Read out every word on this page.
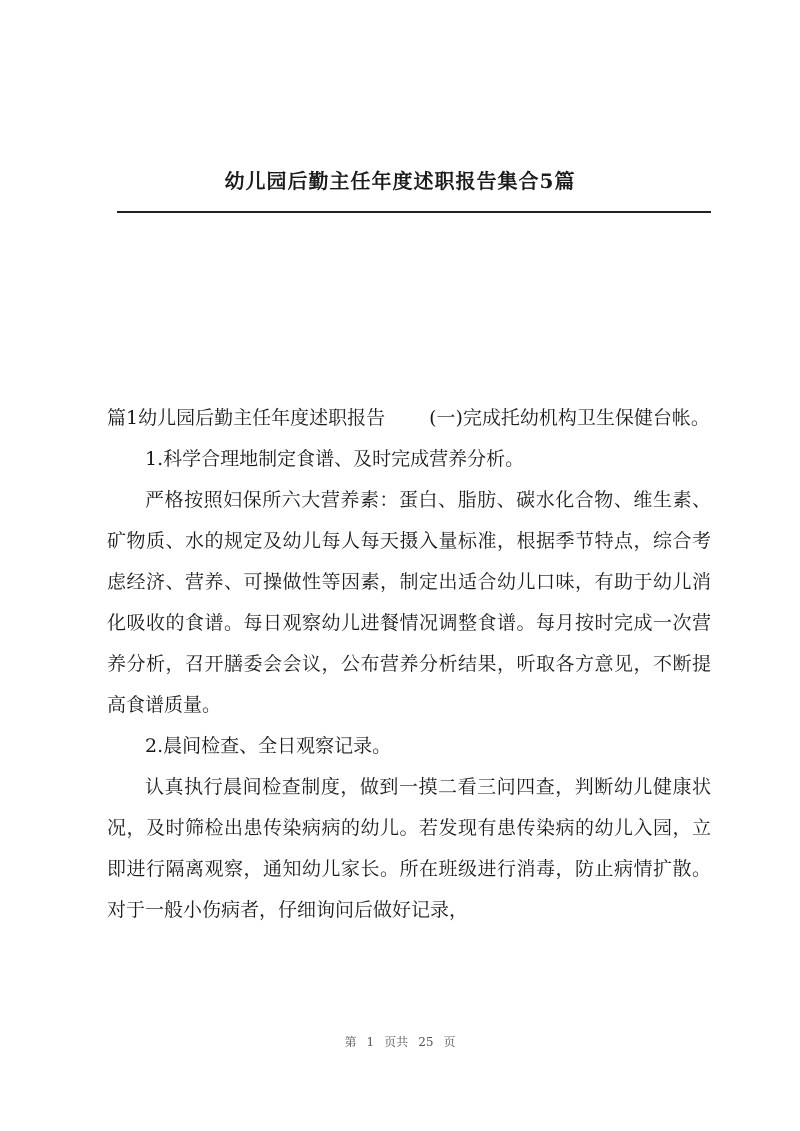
幼儿园后勤主任年度述职报告集合5篇

篇1幼儿园后勤主任年度述职报告 (一)完成托幼机构卫生保健台帐。

1.科学合理地制定食谱、及时完成营养分析。

严格按照妇保所六大营养素：蛋白、脂肪、碳水化合物、维生素、矿物质、水的规定及幼儿每人每天摄入量标准，根据季节特点，综合考虑经济、营养、可操做性等因素，制定出适合幼儿口味，有助于幼儿消化吸收的食谱。每日观察幼儿进餐情况调整食谱。每月按时完成一次营养分析，召开膳委会会议，公布营养分析结果，听取各方意见，不断提高食谱质量。

2.晨间检查、全日观察记录。

认真执行晨间检查制度，做到一摸二看三问四查，判断幼儿健康状况，及时筛检出患传染病病的幼儿。若发现有患传染病的幼儿入园，立即进行隔离观察，通知幼儿家长。所在班级进行消毒，防止病情扩散。对于一般小伤病者，仔细询问后做好记录，

第 1 页共 25 页
